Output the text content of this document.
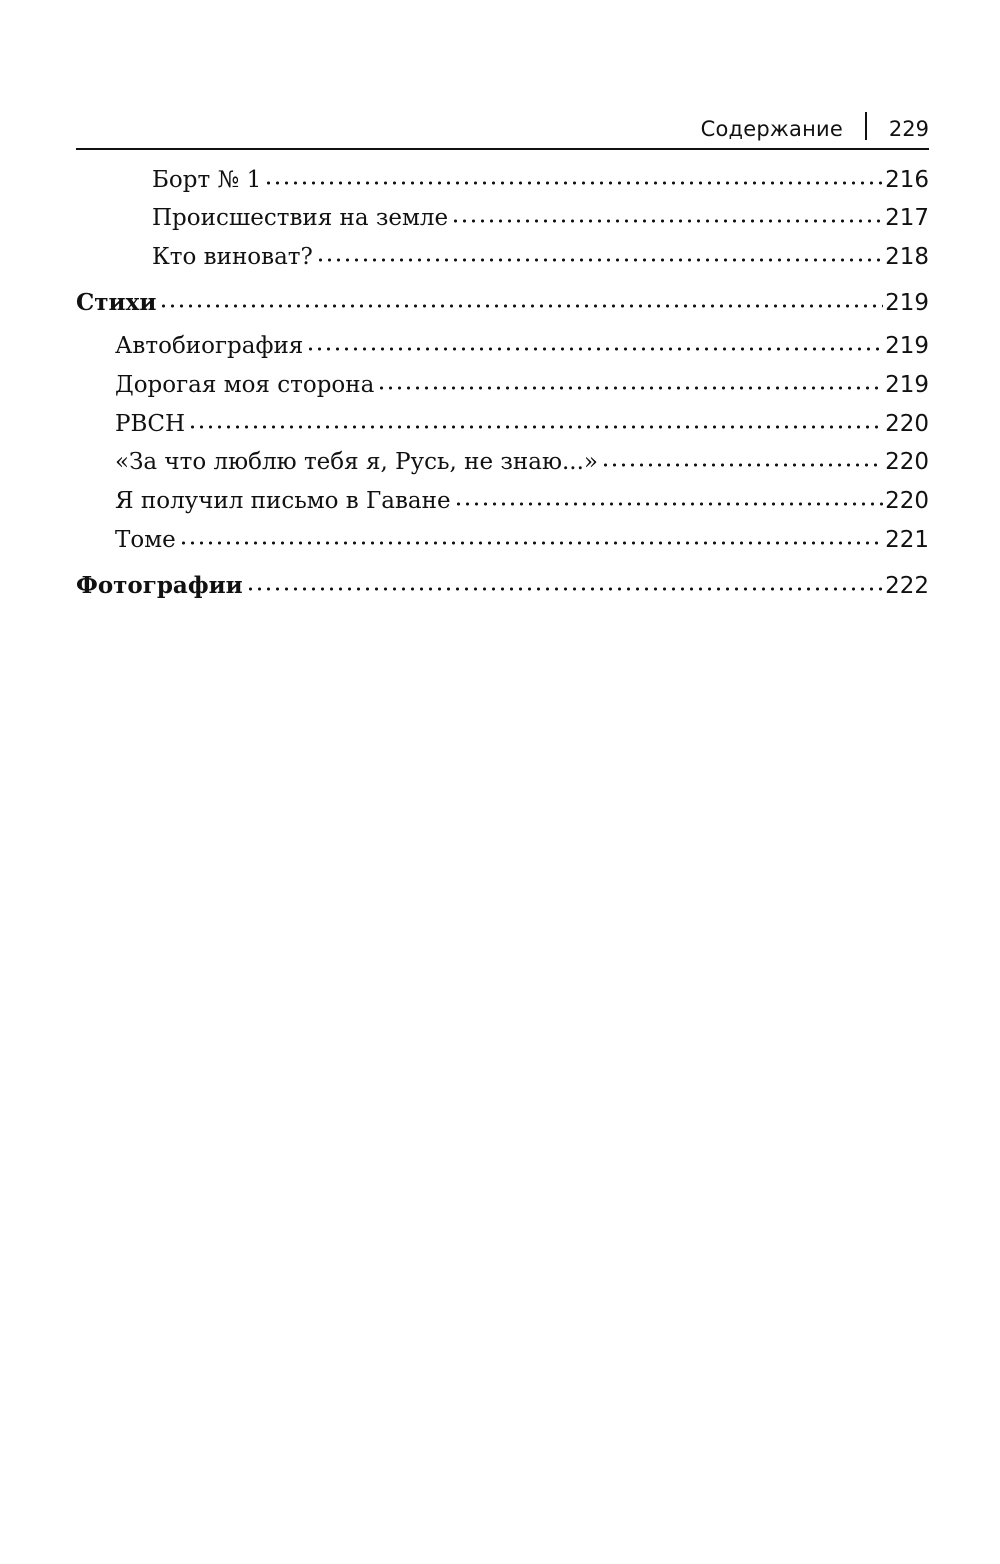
Содержание 229
Борт № 1	216
Происшествия на земле	217
Кто виноват?	218
Стихи	219
Автобиография	219
Дорогая моя сторона	219
РВСН	220
«За что люблю тебя я, Русь, не знаю...»	220
Я получил письмо в Гаване	220
Томе	221
Фотографии	222
